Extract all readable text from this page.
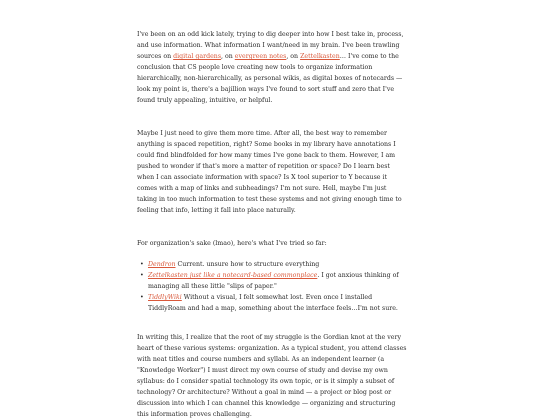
I've been on an odd kick lately, trying to dig deeper into how I best take in, process, and use information. What information I want/need in my brain. I've been trawling sources on digital gardens, on evergreen notes, on Zettelkasten… I've come to the conclusion that CS people love creating new tools to organize information hierarchically, non-hierarchically, as personal wikis, as digital boxes of notecards — look my point is, there's a bajillion ways I've found to sort stuff and zero that I've found truly appealing, intuitive, or helpful.

Maybe I just need to give them more time. After all, the best way to remember anything is spaced repetition, right? Some books in my library have annotations I could find blindfolded for how many times I've gone back to them. However, I am pushed to wonder if that's more a matter of repetition or space? Do I learn best when I can associate information with space? Is X tool superior to Y because it comes with a map of links and subheadings? I'm not sure. Hell, maybe I'm just taking in too much information to test these systems and not giving enough time to feeling that info, letting it fall into place naturally.

For organization's sake (lmao), here's what I've tried so far:

• Dendron Current. unsure how to structure everything
• Zettelkasten just like a notecard-based commonplace. I got anxious thinking of managing all these little "slips of paper."
• TiddlyWiki Without a visual, I felt somewhat lost. Even once I installed TiddlyRoam and had a map, something about the interface feels…I'm not sure.

In writing this, I realize that the root of my struggle is the Gordian knot at the very heart of these various systems: organization. As a typical student, you attend classes with neat titles and course numbers and syllabi. As an independent learner (a "Knowledge Worker") I must direct my own course of study and devise my own syllabus: do I consider spatial technology its own topic, or is it simply a subset of technology? Or architecture? Without a goal in mind — a project or blog post or discussion into which I can channel this knowledge — organizing and structuring this information proves challenging.
